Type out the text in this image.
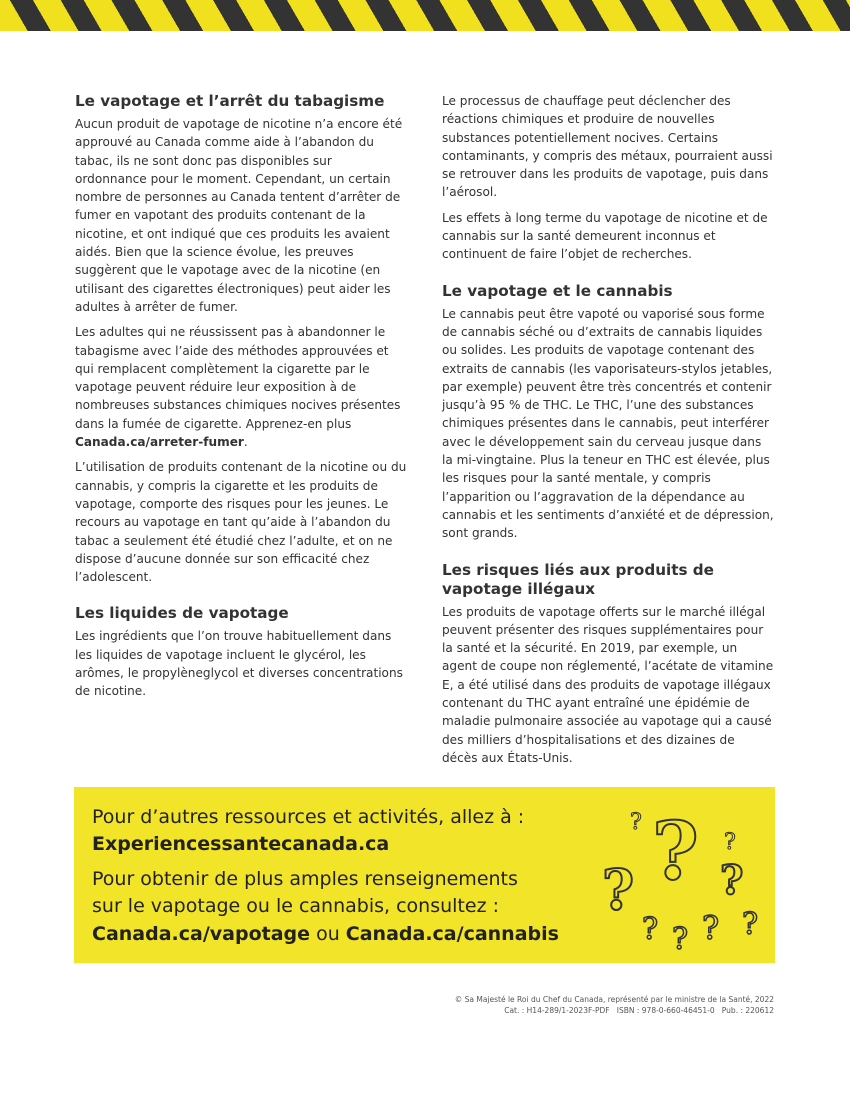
Le vapotage et l’arrêt du tabagisme

Aucun produit de vapotage de nicotine n’a encore été approuvé au Canada comme aide à l’abandon du tabac, ils ne sont donc pas disponibles sur ordonnance pour le moment. Cependant, un certain nombre de personnes au Canada tentent d’arrêter de fumer en vapotant des produits contenant de la nicotine, et ont indiqué que ces produits les avaient aidés. Bien que la science évolue, les preuves suggèrent que le vapotage avec de la nicotine (en utilisant des cigarettes électroniques) peut aider les adultes à arrêter de fumer.

Les adultes qui ne réussissent pas à abandonner le tabagisme avec l’aide des méthodes approuvées et qui remplacent complètement la cigarette par le vapotage peuvent réduire leur exposition à de nombreuses substances chimiques nocives présentes dans la fumée de cigarette. Apprenez-en plus Canada.ca/arreter-fumer.

L’utilisation de produits contenant de la nicotine ou du cannabis, y compris la cigarette et les produits de vapotage, comporte des risques pour les jeunes. Le recours au vapotage en tant qu’aide à l’abandon du tabac a seulement été étudié chez l’adulte, et on ne dispose d’aucune donnée sur son efficacité chez l’adolescent.

Les liquides de vapotage

Les ingrédients que l’on trouve habituellement dans les liquides de vapotage incluent le glycérol, les arômes, le propylèneglycol et diverses concentrations de nicotine.

Le processus de chauffage peut déclencher des réactions chimiques et produire de nouvelles substances potentiellement nocives. Certains contaminants, y compris des métaux, pourraient aussi se retrouver dans les produits de vapotage, puis dans l’aérosol.

Les effets à long terme du vapotage de nicotine et de cannabis sur la santé demeurent inconnus et continuent de faire l’objet de recherches.

Le vapotage et le cannabis

Le cannabis peut être vapoté ou vaporisé sous forme de cannabis séché ou d’extraits de cannabis liquides ou solides. Les produits de vapotage contenant des extraits de cannabis (les vaporisateurs-stylos jetables, par exemple) peuvent être très concentrés et contenir jusqu’à 95 % de THC. Le THC, l’une des substances chimiques présentes dans le cannabis, peut interférer avec le développement sain du cerveau jusque dans la mi-vingtaine. Plus la teneur en THC est élevée, plus les risques pour la santé mentale, y compris l’apparition ou l’aggravation de la dépendance au cannabis et les sentiments d’anxiété et de dépression, sont grands.

Les risques liés aux produits de vapotage illégaux

Les produits de vapotage offerts sur le marché illégal peuvent présenter des risques supplémentaires pour la santé et la sécurité. En 2019, par exemple, un agent de coupe non réglementé, l’acétate de vitamine E, a été utilisé dans des produits de vapotage illégaux contenant du THC ayant entraîné une épidémie de maladie pulmonaire associée au vapotage qui a causé des milliers d’hospitalisations et des dizaines de décès aux États-Unis.

Pour d’autres ressources et activités, allez à :
Experiencessantecanada.ca
Pour obtenir de plus amples renseignements
sur le vapotage ou le cannabis, consultez :
Canada.ca/vapotage ou Canada.ca/cannabis
?
? ?
?
?
? ? ? ?
© Sa Majesté le Roi du Chef du Canada, représenté par le ministre de la Santé, 2022
Cat. : H14-289/1-2023F-PDF   ISBN : 978-0-660-46451-0   Pub. : 220612
